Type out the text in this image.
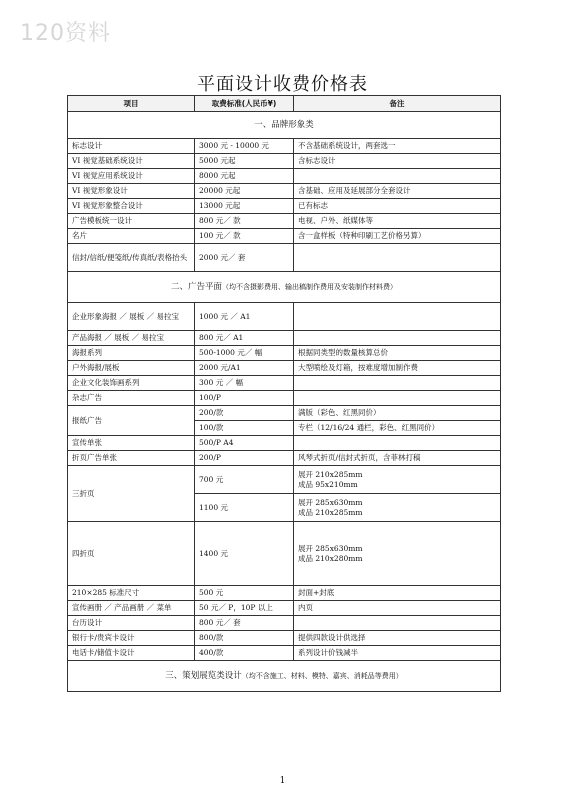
120资料
平面设计收费价格表
项目	取费标准(人民币¥)	备注
一、品牌形象类		
标志设计	3000 元 - 10000 元	不含基础系统设计，两套选一
VI 视觉基础系统设计	5000 元起	含标志设计
VI 视觉应用系统设计	8000 元起	
VI 视觉形象设计	20000 元起	含基础、应用及延展部分全套设计
VI 视觉形象整合设计	13000 元起	已有标志
广告模板统一设计	800 元／ 款	电视、户外、纸媒体等
名片	100 元／ 款	含一盒样板（特种印刷工艺价格另算）
信封/信纸/便笺纸/传真纸/表格抬头	2000 元／ 套	
二、广告平面（均不含摄影费用、输出稿制作费用及安装制作材料费）		
企业形象海报 ／ 展板 ／ 易拉宝	1000 元 ／ A1	
产品海报 ／ 展板 ／ 易拉宝	800 元／ A1	
海报系列	500-1000 元／ 幅	根据同类型的数量核算总价
户外海报/展板	2000 元/A1	大型喷绘及灯箱，按难度增加制作费
企业文化装饰画系列	300 元 ／ 幅	
杂志广告	100/P	
报纸广告	200/款	满版（彩色、红黑同价）
	100/款	专栏（12/16/24 通栏，彩色、红黑同价）
宣传单张	500/P A4	
折页广告单张	200/P	风琴式折页/信封式折页，含菲林打稿
三折页	700 元	展开 210x285mm
成品 95x210mm

	1100 元	展开 285x630mm
成品 210x285mm

四折页	1400 元	展开 285x630mm
成品 210x280mm

210×285 标准尺寸	500 元	封面+封底
宣传画册 ／ 产品画册 ／ 菜单	50 元／ P，10P 以上	内页
台历设计	800 元／ 套	
银行卡/贵宾卡设计	800/款	提供四款设计供选择
电话卡/储值卡设计	400/款	系列设计价钱减半
三、策划展览类设计（均不含施工、材料、模特、嘉宾、消耗品等费用）		
1
